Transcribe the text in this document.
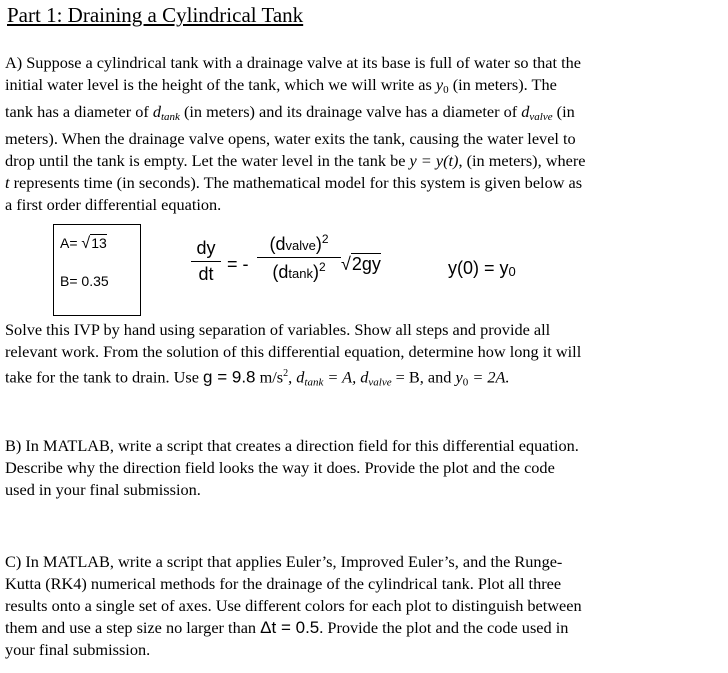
Part 1: Draining a Cylindrical Tank
A) Suppose a cylindrical tank with a drainage valve at its base is full of water so that the
initial water level is the height of the tank, which we will write as $y_0$ (in meters). The
tank has a diameter of $d_{tank}$ (in meters) and its drainage valve has a diameter of $d_{valve}$ (in
meters). When the drainage valve opens, water exits the tank, causing the water level to
drop until the tank is empty. Let the water level in the tank be y = y(t), (in meters), where
t represents time (in seconds). The mathematical model for this system is given below as
a first order differential equation.
A= √13
B= 0.35
dy
dt = -
(dvalve)$^2$
$(dtank)^2$ √2gy	y(0) = y0
Solve this IVP by hand using separation of variables. Show all steps and provide all
relevant work. From the solution of this differential equation, determine how long it will
take for the tank to drain. Use g = 9.8 $m/s^2$, $d_{tank} = A$, $d_{valve} = B$, and $y_0 = 2A$.
B) In MATLAB, write a script that creates a direction field for this differential equation.
Describe why the direction field looks the way it does. Provide the plot and the code
used in your final submission.
C) In MATLAB, write a script that applies Euler’s, Improved Euler’s, and the Runge-
Kutta (RK4) numerical methods for the drainage of the cylindrical tank. Plot all three
results onto a single set of axes. Use different colors for each plot to distinguish between
them and use a step size no larger than Δt = 0.5. Provide the plot and the code used in
your final submission.
